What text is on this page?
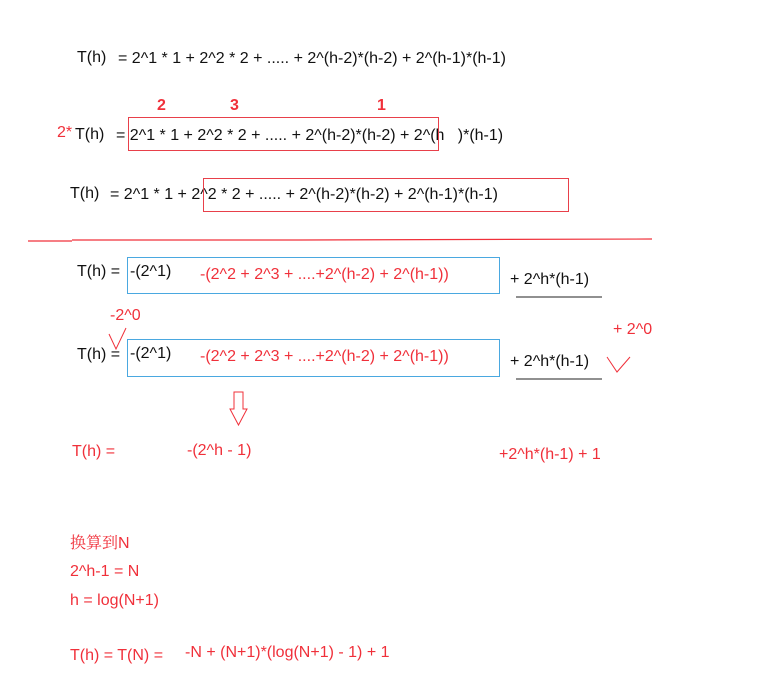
T(h) = 2^1 * 1 + 2^2 * 2 + ..... + 2^(h-2)*(h-2) + 2^(h-1)*(h-1)
2* T(h) = 2^1 * 1 + 2^2 * 2 + ..... + 2^(h-2)*(h-2) + 2^(h   )*(h-1)
2	3	1
T(h) = 2^1 * 1 + 2^2 * 2 + ..... + 2^(h-2)*(h-2) + 2^(h-1)*(h-1)
T(h) = -(2^1) -(2^2 + 2^3 + ....+2^(h-2) + 2^(h-1))	+ 2^h*(h-1)
-2^0
+ 2^0
T(h) = -(2^1) -(2^2 + 2^3 + ....+2^(h-2) + 2^(h-1))	+ 2^h*(h-1)
T(h) =	-(2^h - 1)	+2^h*(h-1) + 1
换算到N
2^h-1 = N
h = log(N+1)
T(h) = T(N) = -N + (N+1)*(log(N+1) - 1) + 1
